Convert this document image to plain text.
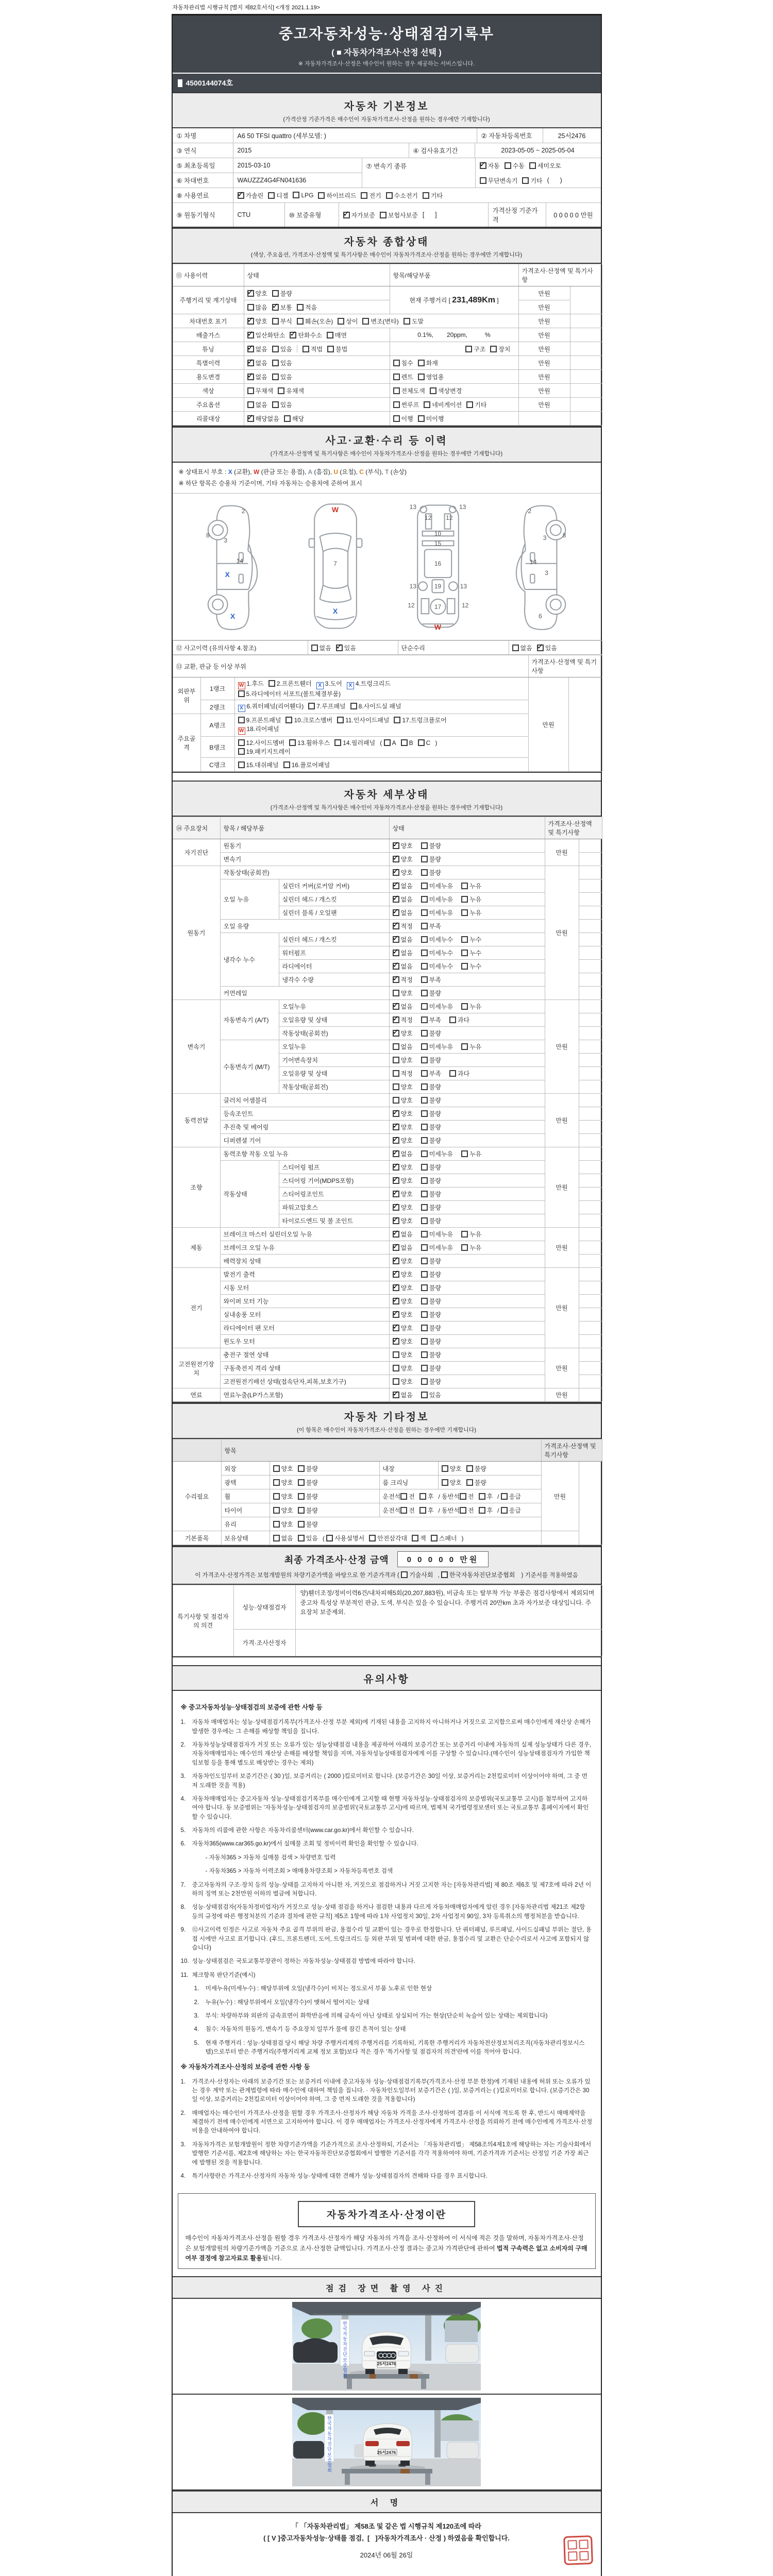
자동차관리법 시행규칙 [별지 제82호서식] <개정 2021.1.19>
중고자동차성능·상태점검기록부
( ■ 자동차가격조사·산정 선택 )
※ 자동차가격조사·산정은 매수인이 원하는 경우 제공하는 서비스입니다.
4500144074호
자동차 기본정보
(가격산정 기준가격은 매수인이 자동차가격조사·산정을 원하는 경우에만 기재합니다)
① 차명	A6 50 TFSI quattro (세부모델: )	② 자동차등록번호	25서2476
③ 연식	2015	④ 검사유효기간	2023-05-05 ~ 2025-05-04
⑤ 최초등록일	2015-03-10	⑦ 변속기 종류 ✓	자동	수동	세미오토
⑥ 차대번호	WAUZZZ4G4FN041636	무단변속기	기타 (      )
⑧ 사용연료 ✓	가솔린	디젤	LPG	하이브리드	전기	수소전기	기타
⑨ 원동기형식	CTU	⑩ 보증유형 ✓	자가보증	보험사보증 [      ]
가격산정 기준가격
0 0 0 0 0 만원
자동차 종합상태
(색상, 주요옵션, 가격조사·산정액 및 특기사항은 매수인이 자동차가격조사·산정을 원하는 경우에만 기재합니다)
⑪ 사용이력	상태	항목/해당부품	가격조사·산정액 및 특기사항	
주행거리 및 계기상태	✓양호 불량	현재 주행거리 [ 231,489Km ]	만원	
	많음 ✓ 보통 적음		만원	
차대번호 표기	✓양호 부식 훼손(오손) 상이 변조(변타) 도말		만원	
배출가스	✓일산화탄소 ✓ 탄화수소 매연	0.1%, 20ppm, %	만원	
튜닝	✓없음 있음 적법 불법	구조 장치	만원	
특별이력	✓없음 있음	침수 화재	만원	
용도변경	✓없음 있음	렌트 영업용	만원	
색상	무채색 유채색	전체도색 색상변경	만원	
주요옵션	없음 있음	썬루프 네비게이션 기타	만원	
리콜대상	✓해당없음 해당	이행 미이행		
사고·교환·수리 등 이력
(가격조사·산정액 및 특기사항은 매수인이 자동차가격조사·산정을 원하는 경우에만 기재합니다)
※ 상태표시 부호 : X (교환), W (판금 또는 용접), A (흠집), U (요철), C (부식), T (손상)
※ 하단 항목은 승용차 기준이며, 기타 자동차는 승용차에 준하여 표시
2
8
3
14
X
X
W
7
X
13
12 12
13
10
15
16
13	19	13
12	17	12
W
2
3	8
14
3
6
⑫ 사고이력 (유의사항 4.참조)	없음 ✓ 있음	단순수리	없음 ✓ 있음
⑬ 교환, 판금 등 이상 부위			가격조사·산정액 및 특기사항	
외판부위	1랭크	W 1.후드 2.프론트휀더 X 3.도어 X 4.트렁크리드
5.라디에이터 서포트(볼트체결부품)	만원	
	2랭크	X 6.쿼터패널(리어휀다) 7.루프패널 8.사이드실 패널		
주요골격	A랭크	9.프론트패널 10.크로스멤버 11.인사이드패널 17.트렁크플로어
W 18.리어패널		
	B랭크	12.사이드멤버 13.휠하우스 14.필러패널 ( A B C )
19.패키지트레이		
	C랭크	15.대쉬패널 16.플로어패널		
자동차 세부상태
(가격조사·산정액 및 특기사항은 매수인이 자동차가격조사·산정을 원하는 경우에만 기재합니다)
⑭ 주요장치	항목 / 해당부품		상태	가격조사·산정액 및 특기사항	
자기진단	원동기	✓양호 불량	만원	
	변속기	✓양호 불량	
원동기	작동상태(공회전)	✓양호 불량	만원	
	오일 누유	실린더 커버(로커암 커버)	✓없음 미세누유 누유	
		실린더 헤드 / 개스킷	✓없음 미세누유 누유	
		실린더 블록 / 오일팬	✓없음 미세누유 누유	
	오일 유량	✓적정 부족	
	냉각수 누수	실린더 헤드 / 개스킷	✓없음 미세누수 누수	
		워터펌프	✓없음 미세누수 누수	
		라디에이터	✓없음 미세누수 누수	
		냉각수 수량	✓적정 부족	
	커먼레일		양호 불량		
변속기	자동변속기 (A/T)	오일누유	✓없음 미세누유 누유	만원	
		오일유량 및 상태	✓적정 부족 과다	
		작동상태(공회전)	✓양호 불량	
	수동변속기 (M/T)	오일누유	없음 미세누유 누유		
		기어변속장치	양호 불량		
		오일유량 및 상태	적정 부족 과다		
		작동상태(공회전)	양호 불량		
동력전달	클러치 어셈블리		양호 불량	만원	
	등속조인트	✓양호 불량	
	추진축 및 베어링	✓양호 불량	
	디퍼렌셜 기어	✓양호 불량	
조향	동력조향 작동 오일 누유	✓없음 미세누유 누유	만원	
	작동상태	스티어링 펌프	✓양호 불량	
		스티어링 기어(MDPS포함)	✓양호 불량	
		스티어링조인트	✓양호 불량	
		파워고압호스	✓양호 불량	
		타이로드엔드 및 볼 조인트	✓양호 불량	
제동	브레이크 마스터 실린더오일 누유	✓없음 미세누유 누유	만원	
	브레이크 오일 누유	✓없음 미세누유 누유	
	배력장치 상태	✓양호 불량	
전기	발전기 출력	✓양호 불량	만원	
	시동 모터	✓양호 불량	
	와이퍼 모터 기능	✓양호 불량	
	실내송풍 모터	✓양호 불량	
	라디에이터 팬 모터	✓양호 불량	
	윈도우 모터	✓양호 불량	
고전원전기장치	충전구 절연 상태		양호 불량	만원	
	구동축전지 격리 상태		양호 불량		
	고전원전기배선 상태(접속단자,피복,보호기구)		양호 불량		
연료	연료누출(LP가스포함)	✓없음 있음	만원	
자동차 기타정보
(이 항목은 매수인이 자동차가격조사·산정을 원하는 경우에만 기재합니다)
	항목				가격조사·산정액 및 특기사항	
수리필요	외장	양호 불량	내장	양호 불량	만원	
	광택	양호 불량	룸 크리닝	양호 불량		
	휠	양호 불량	운전석 전 후 / 동반석 전 후 / 응급			
	타이어	양호 불량	운전석 전 후 / 동반석 전 후 / 응급			
	유리	양호 불량				
기본품목	보유상태	없음 있음 ( 사용설명서 안전삼각대 잭 스패너 )				
최종 가격조사·산정 금액	0 0 0 0 0 만원
이 가격조사·산정가격은 보험개발원의 차량기준가액을 바탕으로 한 기준가격과 ( 기술사회 , 한국자동차진단보증협회 ) 기준서를 적용하였음
특기사항 및 점검자의 의견	성능·상태점검자	양)휀더조정/정비이력6건/내차피해5회(20,207,883원), 비금속 또는 탈부착 가능 부품은 점검사항에서 제외되며 중고차 특성상 부분적인 판금, 도색, 부식은 있을 수 있습니다. 주행거리 20만km 초과 자가보증 대상입니다. 주요장치 보증제외.
	가격·조사산정자	
유의사항
※ 중고자동차성능·상태점검의 보증에 관한 사항 등
1.	자동차 매매업자는 성능·상태점검기록부(가격조사·산정 부분 제외)에 기재된 내용을 고지하지 아니하거나 거짓으로 고지함으로써 매수인에게 재산상 손해가 발생한 경우에는 그 손해를 배상할 책임을 집니다.
2.	자동차성능상태점검자가 거짓 또는 오류가 있는 성능상태점검 내용을 제공하여 아래의 보증기간 또는 보증거리 이내에 자동차의 실제 성능상태가 다른 경우, 자동차매매업자는 매수인의 재산상 손해를 배상할 책임을 지며, 자동차성능상태점검자에게 이를 구상할 수 있습니다.(매수인이 성능상태점검자가 가입한 책임보험 등을 통해 별도로 배상받는 경우는 제외)
3.	자동차인도일부터 보증기간은 ( 30 )일, 보증거리는 ( 2000 )킬로미터로 합니다. (보증기간은 30일 이상, 보증거리는 2천킬로미터 이상이어야 하며, 그 중 먼저 도래한 것을 적용)
4.	자동차매매업자는 중고자동차 성능·상태점검기록부를 매수인에게 고지할 때 현행 자동차성능·상태점검자의 보증범위(국토교통부 고시)를 첨부하여 고지하여야 합니다. 동 보증범위는 '자동차성능·상태점검자의 보증범위'(국토교통부 고시)에 따르며, 법제처 국가법령정보센터 또는 국토교통부 홈페이지에서 확인할 수 있습니다.
5.	자동차의 리콜에 관한 사항은 자동차리콜센터(www.car.go.kr)에서 확인할 수 있습니다.
6.	자동차365(www.car365.go.kr)에서 실매물 조회 및 정비이력 확인을 확인할 수 있습니다.
- 자동차365 > 자동차 실매물 검색 > 차량번호 입력
- 자동차365 > 자동차 이력조회 > 매매용차량조회 > 자동차등록번호 검색
7.	중고자동차의 구조·장치 등의 성능·상태를 고지하지 아니한 자, 거짓으로 점검하거나 거짓 고지한 자는 [자동차관리법] 제 80조 제6호 및 제7호에 따라 2년 이하의 징역 또는 2천만원 이하의 벌금에 처합니다.
8.	성능·상태점검자(자동차정비업자)가 거짓으로 성능·상태 점검을 하거나 점검한 내용과 다르게 자동차매매업자에게 알린 경우 [자동차관리법 제21조 제2항 등의 규정에 따른 행정처분의 기준과 절차에 관한 규칙] 제5조 1항에 따라 1차 사업정지 30일, 2차 사업정지 90일, 3차 등록취소의 행정처분을 받습니다.
9.	⑫사고이력 인정은 사고로 자동차 주요 골격 부위의 판금, 용접수리 및 교환이 있는 경우로 한정합니다. 단 쿼터패널, 루프패널, 사이드실패널 부위는 절단, 용접 시에만 사고로 표기합니다. (후드, 프론트펜더, 도어, 트렁크리드 등 외판 부위 및 범퍼에 대한 판금, 용접수리 및 교환은 단순수리로서 사고에 포함되지 않습니다)
10. 성능·상태점검은 국토교통부장관이 정하는 자동차성능·상태점검 방법에 따라야 합니다.
11. 체크항목 판단기준(예시)
1.	미세누유(미세누수) : 해당부위에 오일(냉각수)이 비치는 정도로서 부품 노후로 인한 현상
2.	누유(누수) : 해당부위에서 오일(냉각수)이 맺혀서 떨어지는 상태
3.	부식: 차량하부와 외판의 금속표면이 화학반응에 의해 금속이 아닌 상태로 상실되어 가는 현상(단순히 녹슬어 있는 상태는 제외합니다)
4.	침수: 자동차의 원동기, 변속기 등 주요장치 일부가 물에 잠긴 흔적이 있는 상태
5.	현재 주행거리 : 성능·상태점검 당시 해당 차량 주행거리계의 주행거리를 기록하되, 기록한 주행거리가 자동차전산정보처리조직(자동차관리정보시스템)으로부터 받은 주행거리(주행거리계 교체 정보 포함)보다 적은 경우 '특기사항 및 점검자의 의견'란에 이를 적어야 합니다.
※ 자동차가격조사·산정의 보증에 관한 사항 등
1.	가격조사·산정자는 아래의 보증기간 또는 보증거리 이내에 중고자동차 성능·상태점검기록부(가격조사·산정 부분 한정)에 기재된 내용에 허위 또는 오류가 있는 경우 계약 또는 관계법령에 따라 매수인에 대하여 책임을 집니다. · 자동차인도일부터 보증기간은 ( )일, 보증거리는 ( )킬로미터로 합니다. (보증기간은 30일 이상, 보증거리는 2천킬로미터 이상이어야 하며, 그 중 먼저 도래한 것을 적용합니다)
2.	매매업자는 매수인이 가격조사·산정을 원할 경우 가격조사·산정자가 해당 자동차 가격을 조사·산정하여 결과를 이 서식에 적도록 한 후, 반드시 매매계약을 체결하기 전에 매수인에게 서면으로 고지하여야 합니다. 이 경우 매매업자는 가격조사·산정자에게 가격조사·산정을 의뢰하기 전에 매수인에게 가격조사·산정 비용을 안내하여야 합니다.
3.	자동차가격은 보험개발원이 정한 차량기준가액을 기준가격으로 조사·산정하되, 기준서는 「자동차관리법」 제58조의4제1호에 해당하는 자는 기술사회에서 발행한 기준서를, 제2호에 해당하는 자는 한국자동차진단보증협회에서 발행한 기준서를 각각 적용하여야 하며, 기준가격과 기준서는 산정일 기준 가장 최근에 발행된 것을 적용합니다.
4.	특기사항란은 가격조사·산정자의 자동차 성능·상태에 대한 견해가 성능·상태점검자의 견해와 다를 경우 표시합니다.
자동차가격조사·산정이란
매수인이 자동차가격조사·산정을 원할 경우 가격조사·산정자가 해당 자동차의 가격을 조사·산정하여 이 서식에 적은 것을 말하며, 자동차가격조사·산정은 보험개발원의 차량기준가액을 기준으로 조사·산정한 금액입니다. 가격조사·산정 결과는 중고차 가격판단에 관하여 법적 구속력은 없고 소비자의 구매여부 결정에 참고자료로 활용됩니다.
점검 장면 촬영 사진
한국자동차진단보증협회
25서2476
한국자동차진단보증협회
25서2476
서 명
「 「자동차관리법」 제58조 및 같은 법 시행규칙 제120조에 따라
( [ V ]중고자동차성능·상태를 점검,  [   ]자동차가격조사 · 산정 ) 하였음을 확인합니다.
2024년 06월 26일
